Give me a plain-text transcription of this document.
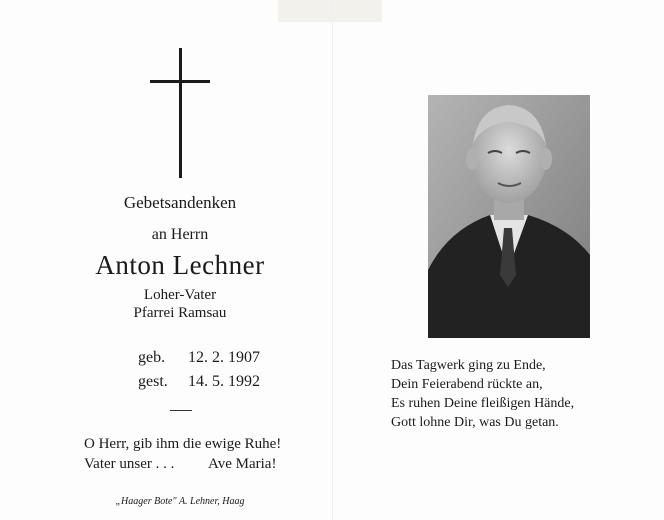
Gebetsandenken
an Herrn
Anton Lechner
Loher-Vater
Pfarrei Ramsau
geb. 12. 2. 1907
gest. 14. 5. 1992
O Herr, gib ihm die ewige Ruhe!
Vater unser . . . Ave Maria!
„Haager Bote" A. Lehner, Haag
Das Tagwerk ging zu Ende,
Dein Feierabend rückte an,
Es ruhen Deine fleißigen Hände,
Gott lohne Dir, was Du getan.
